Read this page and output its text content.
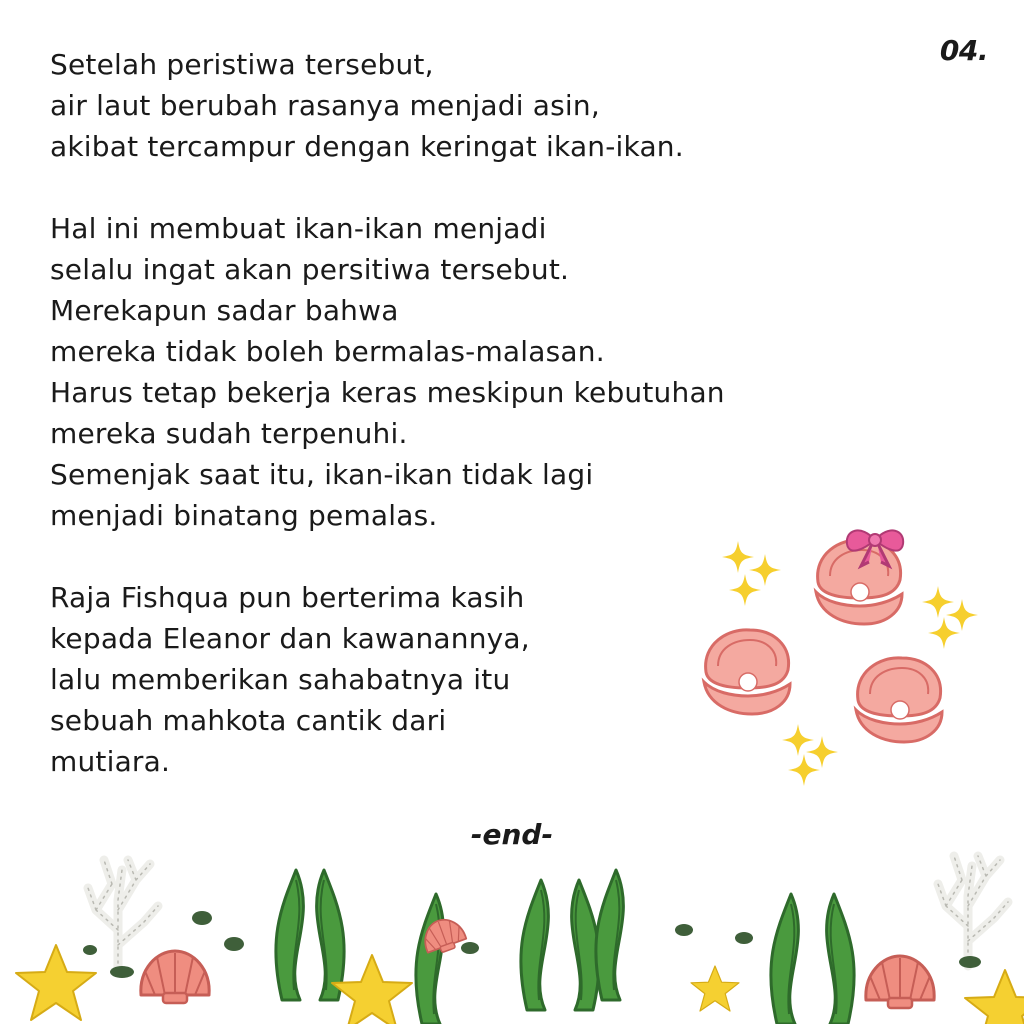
04.
Setelah peristiwa tersebut,
air laut berubah rasanya menjadi asin,
akibat tercampur dengan keringat ikan-ikan.
Hal ini membuat ikan-ikan menjadi
selalu ingat akan persitiwa tersebut.
Merekapun sadar bahwa
mereka tidak boleh bermalas-malasan.
Harus tetap bekerja keras meskipun kebutuhan
mereka sudah terpenuhi.
Semenjak saat itu, ikan-ikan tidak lagi
menjadi binatang pemalas.
Raja Fishqua pun berterima kasih
kepada Eleanor dan kawanannya,
lalu memberikan sahabatnya itu
sebuah mahkota cantik dari
mutiara.
-end-
